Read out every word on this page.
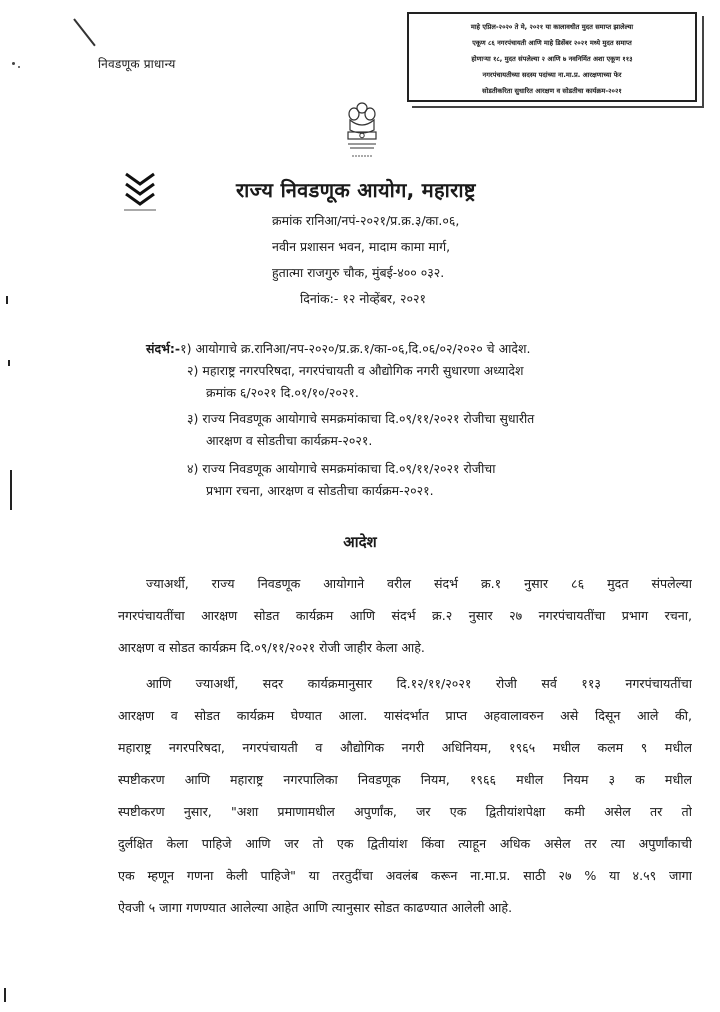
निवडणूक प्राधान्य
माहे एप्रिल-२०२० ते मे, २०२१ या कालावधीत मुदत समाप्त झालेल्या
एकूण ८६ नगरपंचायती आणि माहे डिसेंबर २०२१ मध्ये मुदत समाप्त
होणाऱ्या १८, मुदत संपलेल्या २ आणि ७ नवनिर्मित अशा एकूण ११३
नगरपंचायतीच्या सदस्य पदांच्या ना.मा.प्र. आरक्षणाच्या फेर
सोडतीकरिता सुधारित आरक्षण व सोडतीचा कार्यक्रम-२०२१
राज्य निवडणूक आयोग, महाराष्ट्र
क्रमांक रानिआ/नपं-२०२१/प्र.क्र.३/का.०६,
नवीन प्रशासन भवन, मादाम कामा मार्ग,
हुतात्मा राजगुरु चौक, मुंबई-४०० ०३२.
दिनांक:- १२ नोव्हेंबर, २०२१
संदर्भ:-१) आयोगाचे क्र.रानिआ/नप-२०२०/प्र.क्र.१/का-०६,दि.०६/०२/२०२० चे आदेश.
२) महाराष्ट्र नगरपरिषदा, नगरपंचायती व औद्योगिक नगरी सुधारणा अध्यादेश
क्रमांक ६/२०२१ दि.०१/१०/२०२१.
३) राज्य निवडणूक आयोगाचे समक्रमांकाचा दि.०९/११/२०२१ रोजीचा सुधारीत
आरक्षण व सोडतीचा कार्यक्रम-२०२१.
४) राज्य निवडणूक आयोगाचे समक्रमांकाचा दि.०९/११/२०२१ रोजीचा
प्रभाग रचना, आरक्षण व सोडतीचा कार्यक्रम-२०२१.
आदेश
ज्याअर्थी, राज्य निवडणूक आयोगाने वरील संदर्भ क्र.१ नुसार ८६ मुदत संपलेल्या
नगरपंचायतींचा आरक्षण सोडत कार्यक्रम आणि संदर्भ क्र.२ नुसार २७ नगरपंचायतींचा प्रभाग रचना,
आरक्षण व सोडत कार्यक्रम दि.०९/११/२०२१ रोजी जाहीर केला आहे.
आणि ज्याअर्थी, सदर कार्यक्रमानुसार दि.१२/११/२०२१ रोजी सर्व ११३ नगरपंचायतींचा
आरक्षण व सोडत कार्यक्रम घेण्यात आला. यासंदर्भात प्राप्त अहवालावरुन असे दिसून आले की,
महाराष्ट्र नगरपरिषदा, नगरपंचायती व औद्योगिक नगरी अधिनियम, १९६५ मधील कलम ९ मधील
स्पष्टीकरण आणि महाराष्ट्र नगरपालिका निवडणूक नियम, १९६६ मधील नियम ३ क मधील
स्पष्टीकरण नुसार, "अशा प्रमाणामधील अपुर्णांक, जर एक द्वितीयांशपेक्षा कमी असेल तर तो
दुर्लक्षित केला पाहिजे आणि जर तो एक द्वितीयांश किंवा त्याहून अधिक असेल तर त्या अपुर्णांकाची
एक म्हणून गणना केली पाहिजे" या तरतुदींचा अवलंब करून ना.मा.प्र. साठी २७ % या ४.५९ जागा
ऐवजी ५ जागा गणण्यात आलेल्या आहेत आणि त्यानुसार सोडत काढण्यात आलेली आहे.
